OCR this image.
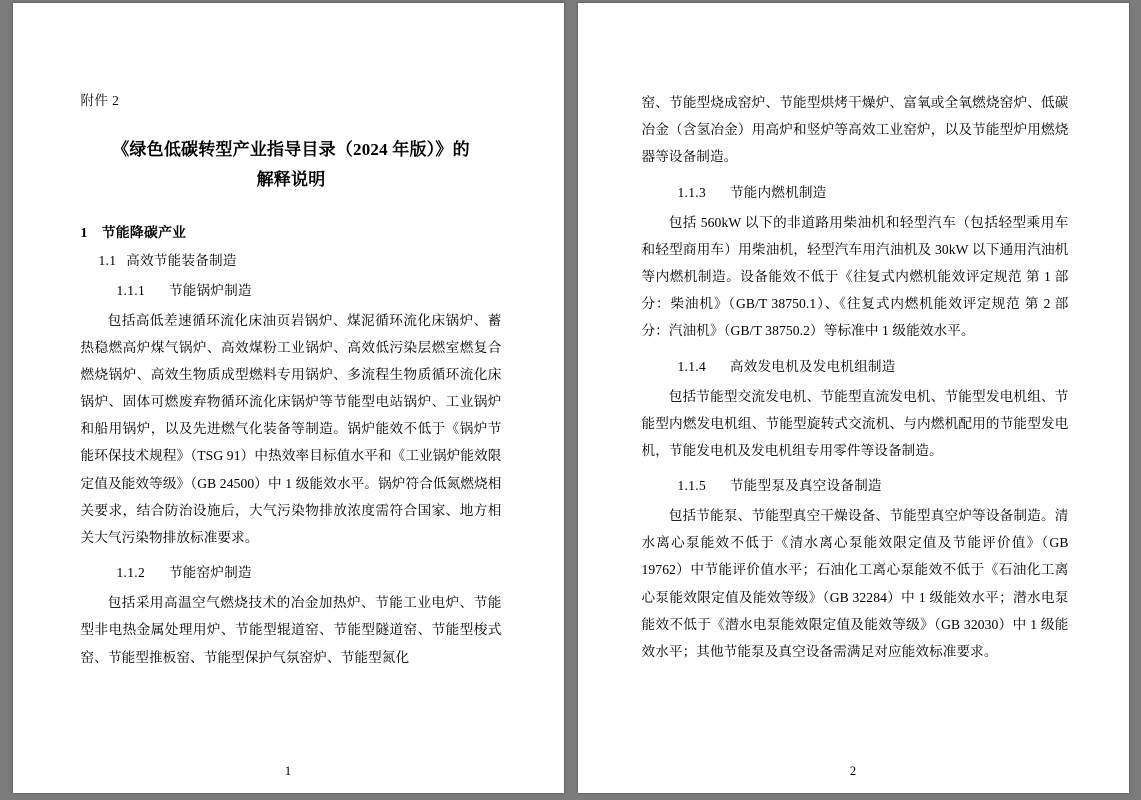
附件 2
《绿色低碳转型产业指导目录（2024 年版）》的
解释说明
1 节能降碳产业
1.1 高效节能装备制造
1.1.1 节能锅炉制造

包括高低差速循环流化床油页岩锅炉、煤泥循环流化床锅炉、蓄热稳燃高炉煤气锅炉、高效煤粉工业锅炉、高效低污染层燃室燃复合燃烧锅炉、高效生物质成型燃料专用锅炉、多流程生物质循环流化床锅炉、固体可燃废弃物循环流化床锅炉等节能型电站锅炉、工业锅炉和船用锅炉，以及先进燃气化装备等制造。锅炉能效不低于《锅炉节能环保技术规程》（TSG 91）中热效率目标值水平和《工业锅炉能效限定值及能效等级》（GB 24500）中 1 级能效水平。锅炉符合低氮燃烧相关要求，结合防治设施后，大气污染物排放浓度需符合国家、地方相关大气污染物排放标准要求。

1.1.2 节能窑炉制造

包括采用高温空气燃烧技术的冶金加热炉、节能工业电炉、节能型非电热金属处理用炉、节能型辊道窑、节能型隧道窑、节能型梭式窑、节能型推板窑、节能型保护气氛窑炉、节能型氮化

1

窑、节能型烧成窑炉、节能型烘烤干燥炉、富氧或全氧燃烧窑炉、低碳冶金（含氢冶金）用高炉和竖炉等高效工业窑炉，以及节能型炉用燃烧器等设备制造。

1.1.3 节能内燃机制造

包括 560kW 以下的非道路用柴油机和轻型汽车（包括轻型乘用车和轻型商用车）用柴油机，轻型汽车用汽油机及 30kW 以下通用汽油机等内燃机制造。设备能效不低于《往复式内燃机能效评定规范 第 1 部分：柴油机》（GB/T 38750.1）、《往复式内燃机能效评定规范 第 2 部分：汽油机》（GB/T 38750.2）等标准中 1 级能效水平。

1.1.4 高效发电机及发电机组制造

包括节能型交流发电机、节能型直流发电机、节能型发电机组、节能型内燃发电机组、节能型旋转式交流机、与内燃机配用的节能型发电机，节能发电机及发电机组专用零件等设备制造。

1.1.5 节能型泵及真空设备制造

包括节能泵、节能型真空干燥设备、节能型真空炉等设备制造。清水离心泵能效不低于《清水离心泵能效限定值及节能评价值》（GB 19762）中节能评价值水平；石油化工离心泵能效不低于《石油化工离心泵能效限定值及能效等级》（GB 32284）中 1 级能效水平；潜水电泵能效不低于《潜水电泵能效限定值及能效等级》（GB 32030）中 1 级能效水平；其他节能泵及真空设备需满足对应能效标准要求。

2
